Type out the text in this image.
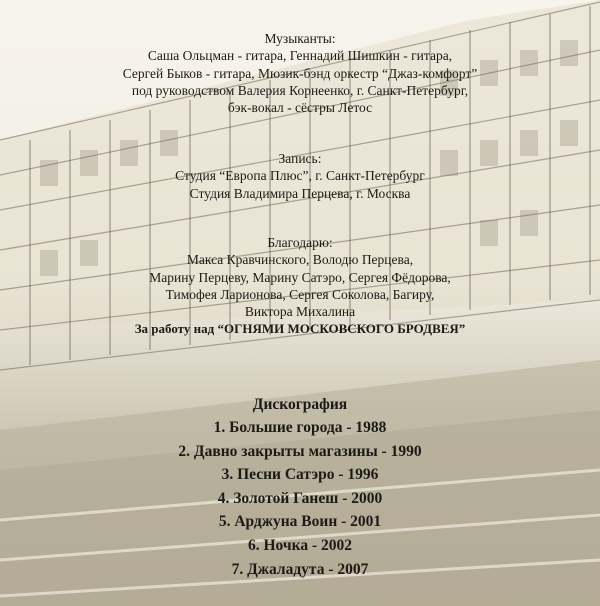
Музыканты:
Саша Ольцман - гитара, Геннадий Шишкин - гитара,
Сергей Быков - гитара, Мюзик-бэнд оркестр “Джаз-комфорт”
под руководством Валерия Корнеенко, г. Санкт-Петербург,
бэк-вокал - сёстры Летос
Запись:
Студия “Европа Плюс”, г. Санкт-Петербург
Студия Владимира Перцева, г. Москва
Благодарю:
Макса Кравчинского, Володю Перцева,
Марину Перцеву, Марину Сатэро, Сергея Фёдорова,
Тимофея Ларионова, Сергея Соколова, Багиру,
Виктора Михалина
За работу над “ОГНЯМИ МОСКОВСКОГО БРОДВЕЯ”
Дискография
1. Большие города - 1988
2. Давно закрыты магазины - 1990
3. Песни Сатэро - 1996
4. Золотой Ганеш - 2000
5. Арджуна Воин - 2001
6. Ночка - 2002
7. Джаладута - 2007
